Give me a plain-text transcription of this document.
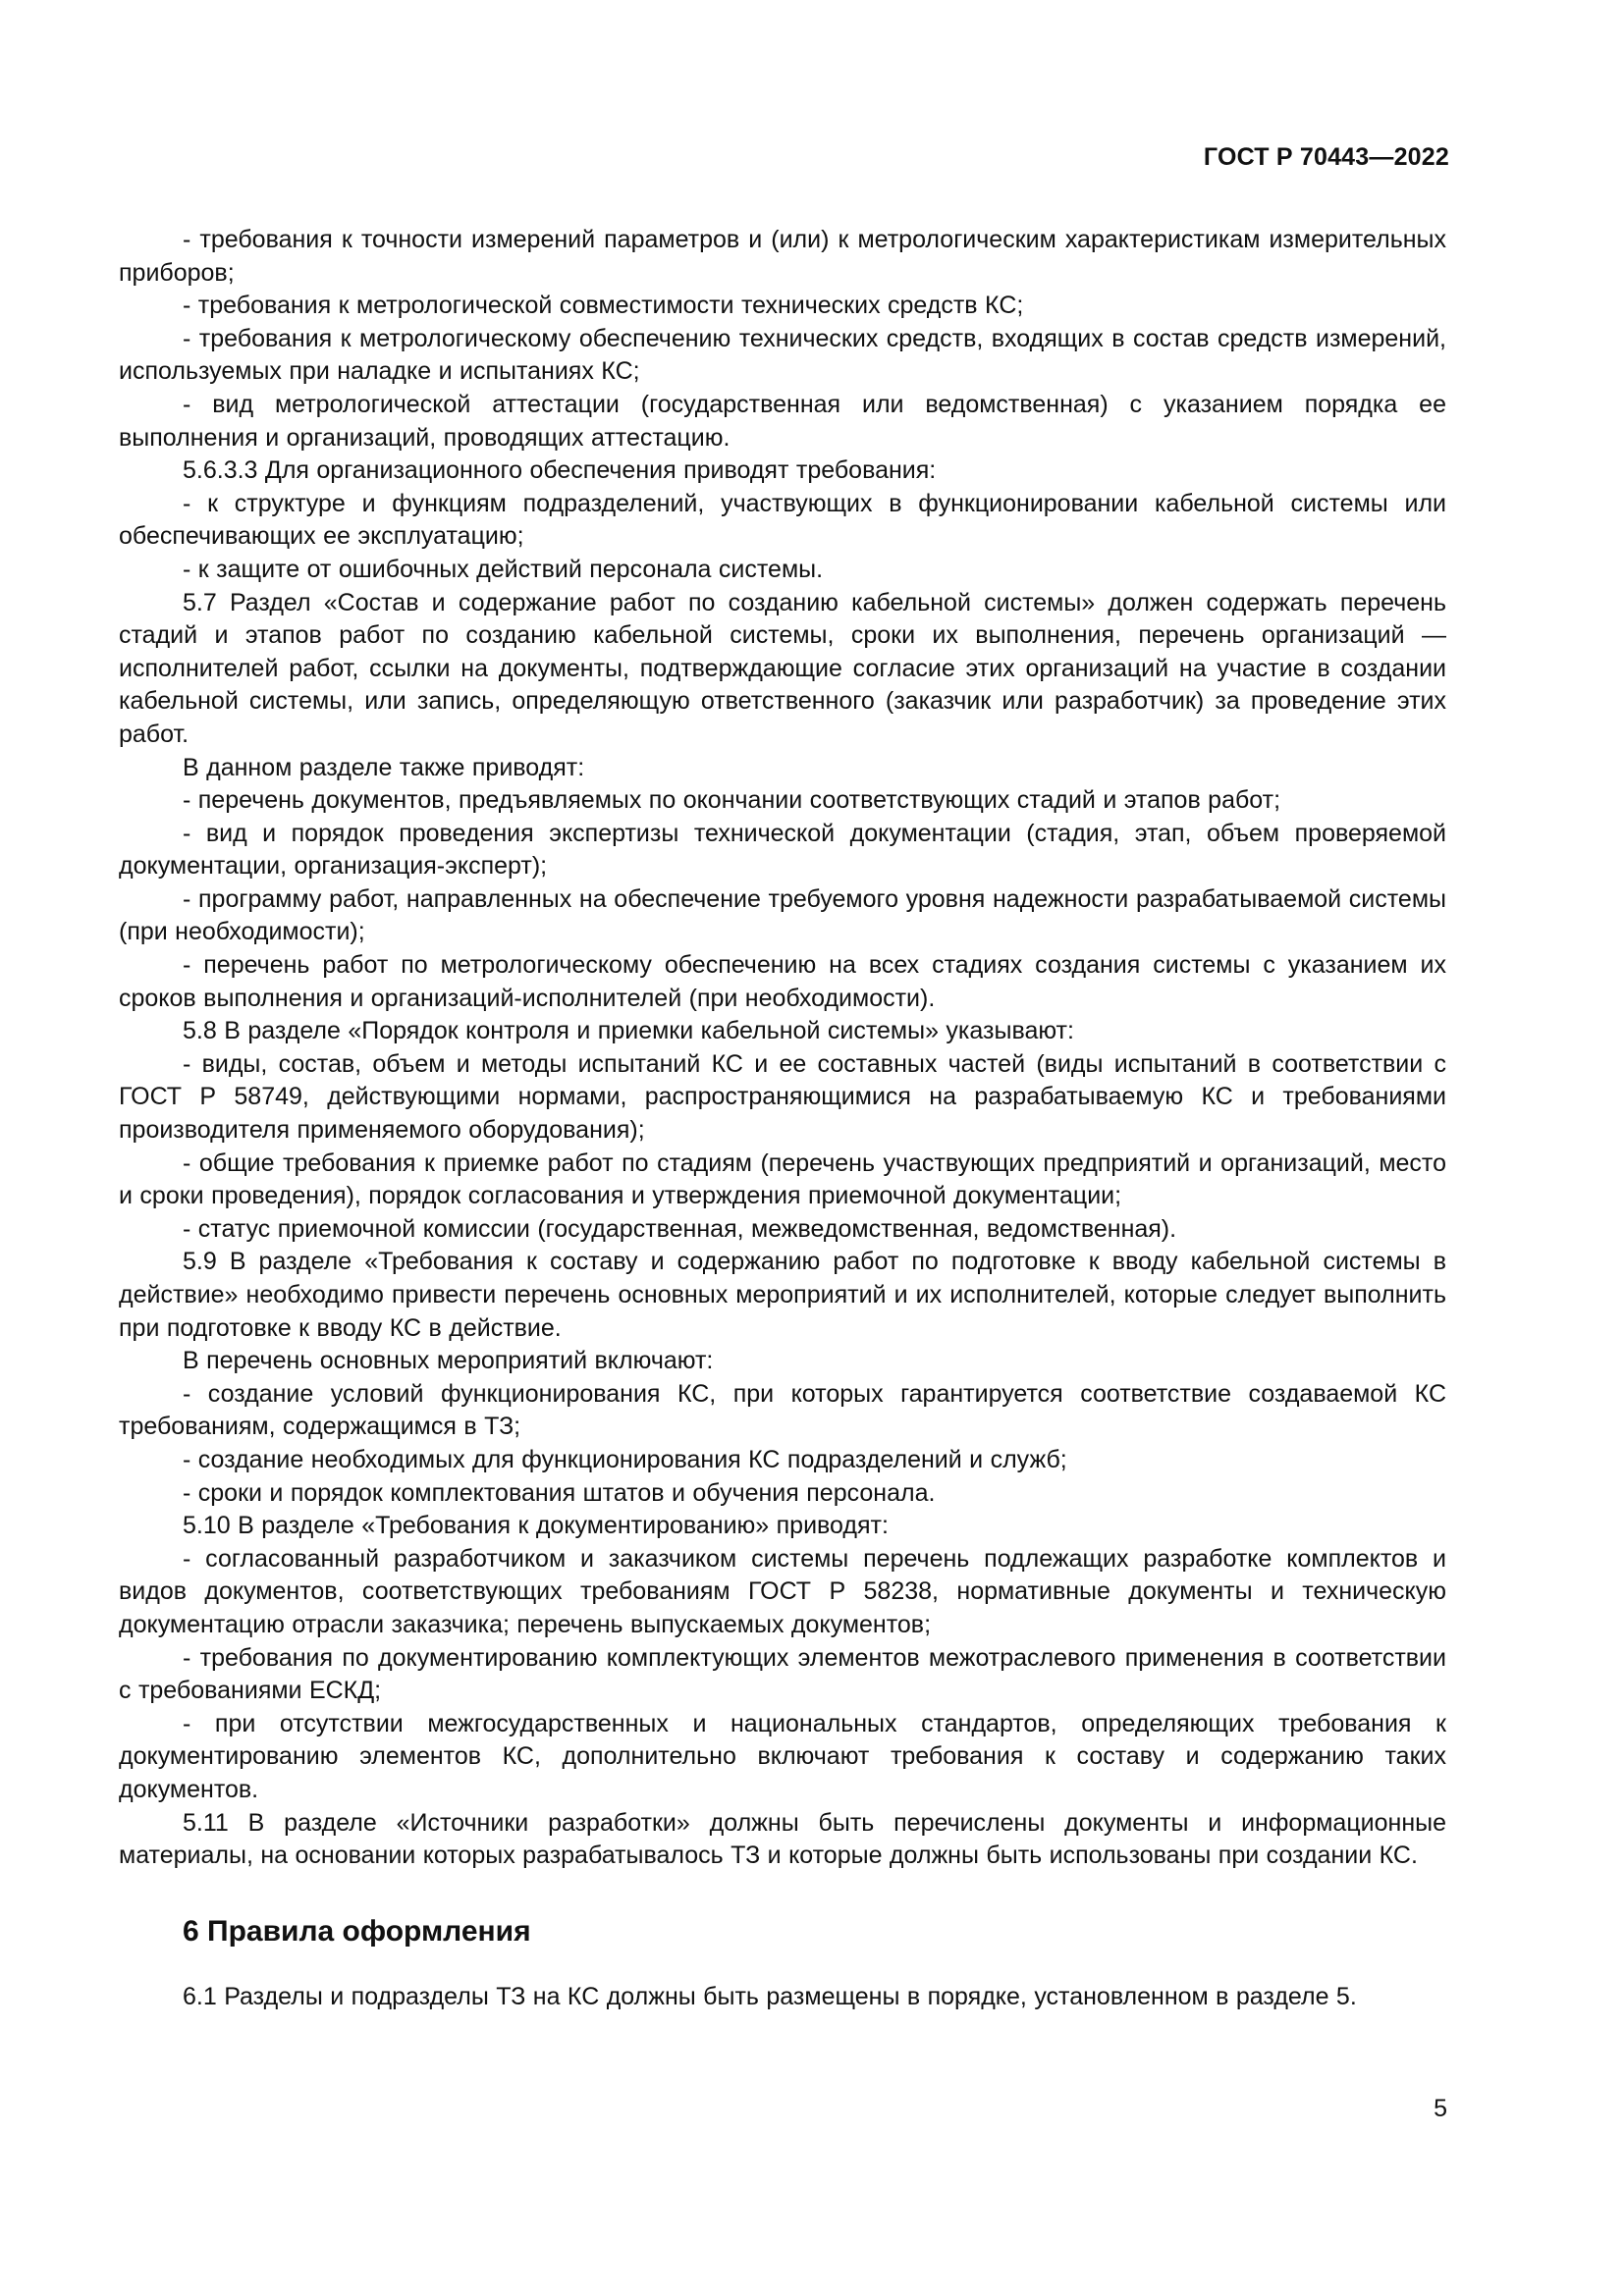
ГОСТ Р 70443—2022

- требования к точности измерений параметров и (или) к метрологическим характеристикам измерительных приборов;

- требования к метрологической совместимости технических средств КС;

- требования к метрологическому обеспечению технических средств, входящих в состав средств измерений, используемых при наладке и испытаниях КС;

- вид метрологической аттестации (государственная или ведомственная) с указанием порядка ее выполнения и организаций, проводящих аттестацию.

5.6.3.3 Для организационного обеспечения приводят требования:

- к структуре и функциям подразделений, участвующих в функционировании кабельной системы или обеспечивающих ее эксплуатацию;

- к защите от ошибочных действий персонала системы.

5.7 Раздел «Состав и содержание работ по созданию кабельной системы» должен содержать перечень стадий и этапов работ по созданию кабельной системы, сроки их выполнения, перечень организаций — исполнителей работ, ссылки на документы, подтверждающие согласие этих организаций на участие в создании кабельной системы, или запись, определяющую ответственного (заказчик или разработчик) за проведение этих работ.

В данном разделе также приводят:

- перечень документов, предъявляемых по окончании соответствующих стадий и этапов работ;

- вид и порядок проведения экспертизы технической документации (стадия, этап, объем проверяемой документации, организация-эксперт);

- программу работ, направленных на обеспечение требуемого уровня надежности разрабатываемой системы (при необходимости);

- перечень работ по метрологическому обеспечению на всех стадиях создания системы с указанием их сроков выполнения и организаций-исполнителей (при необходимости).

5.8 В разделе «Порядок контроля и приемки кабельной системы» указывают:

- виды, состав, объем и методы испытаний КС и ее составных частей (виды испытаний в соответствии с ГОСТ Р 58749, действующими нормами, распространяющимися на разрабатываемую КС и требованиями производителя применяемого оборудования);

- общие требования к приемке работ по стадиям (перечень участвующих предприятий и организаций, место и сроки проведения), порядок согласования и утверждения приемочной документации;

- статус приемочной комиссии (государственная, межведомственная, ведомственная).

5.9 В разделе «Требования к составу и содержанию работ по подготовке к вводу кабельной системы в действие» необходимо привести перечень основных мероприятий и их исполнителей, которые следует выполнить при подготовке к вводу КС в действие.

В перечень основных мероприятий включают:

- создание условий функционирования КС, при которых гарантируется соответствие создаваемой КС требованиям, содержащимся в ТЗ;

- создание необходимых для функционирования КС подразделений и служб;

- сроки и порядок комплектования штатов и обучения персонала.

5.10 В разделе «Требования к документированию» приводят:

- согласованный разработчиком и заказчиком системы перечень подлежащих разработке комплектов и видов документов, соответствующих требованиям ГОСТ Р 58238, нормативные документы и техническую документацию отрасли заказчика; перечень выпускаемых документов;

- требования по документированию комплектующих элементов межотраслевого применения в соответствии с требованиями ЕСКД;

- при отсутствии межгосударственных и национальных стандартов, определяющих требования к документированию элементов КС, дополнительно включают требования к составу и содержанию таких документов.

5.11 В разделе «Источники разработки» должны быть перечислены документы и информационные материалы, на основании которых разрабатывалось ТЗ и которые должны быть использованы при создании КС.

6 Правила оформления

6.1 Разделы и подразделы ТЗ на КС должны быть размещены в порядке, установленном в разделе 5.

5
